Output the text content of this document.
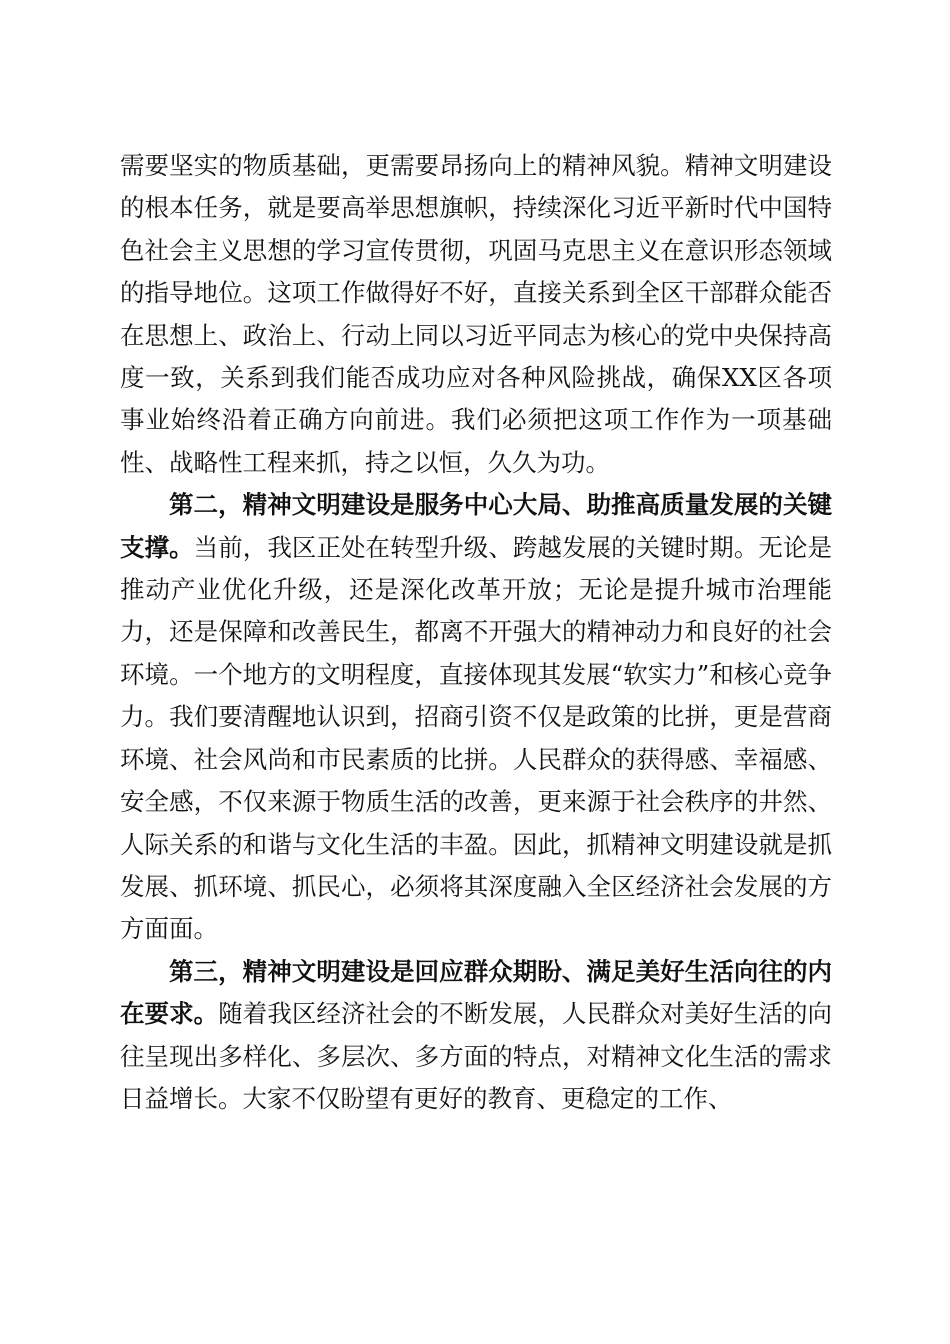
需要坚实的物质基础，更需要昂扬向上的精神风貌。精神文明建设的根本任务，就是要高举思想旗帜，持续深化习近平新时代中国特色社会主义思想的学习宣传贯彻，巩固马克思主义在意识形态领域的指导地位。这项工作做得好不好，直接关系到全区干部群众能否在思想上、政治上、行动上同以习近平同志为核心的党中央保持高度一致，关系到我们能否成功应对各种风险挑战，确保XX区各项事业始终沿着正确方向前进。我们必须把这项工作作为一项基础性、战略性工程来抓，持之以恒，久久为功。

第二，精神文明建设是服务中心大局、助推高质量发展的关键支撑。当前，我区正处在转型升级、跨越发展的关键时期。无论是推动产业优化升级，还是深化改革开放；无论是提升城市治理能力，还是保障和改善民生，都离不开强大的精神动力和良好的社会环境。一个地方的文明程度，直接体现其发展“软实力”和核心竞争力。我们要清醒地认识到，招商引资不仅是政策的比拼，更是营商环境、社会风尚和市民素质的比拼。人民群众的获得感、幸福感、安全感，不仅来源于物质生活的改善，更来源于社会秩序的井然、人际关系的和谐与文化生活的丰盈。因此，抓精神文明建设就是抓发展、抓环境、抓民心，必须将其深度融入全区经济社会发展的方方面面。

第三，精神文明建设是回应群众期盼、满足美好生活向往的内在要求。随着我区经济社会的不断发展，人民群众对美好生活的向往呈现出多样化、多层次、多方面的特点，对精神文化生活的需求日益增长。大家不仅盼望有更好的教育、更稳定的工作、
